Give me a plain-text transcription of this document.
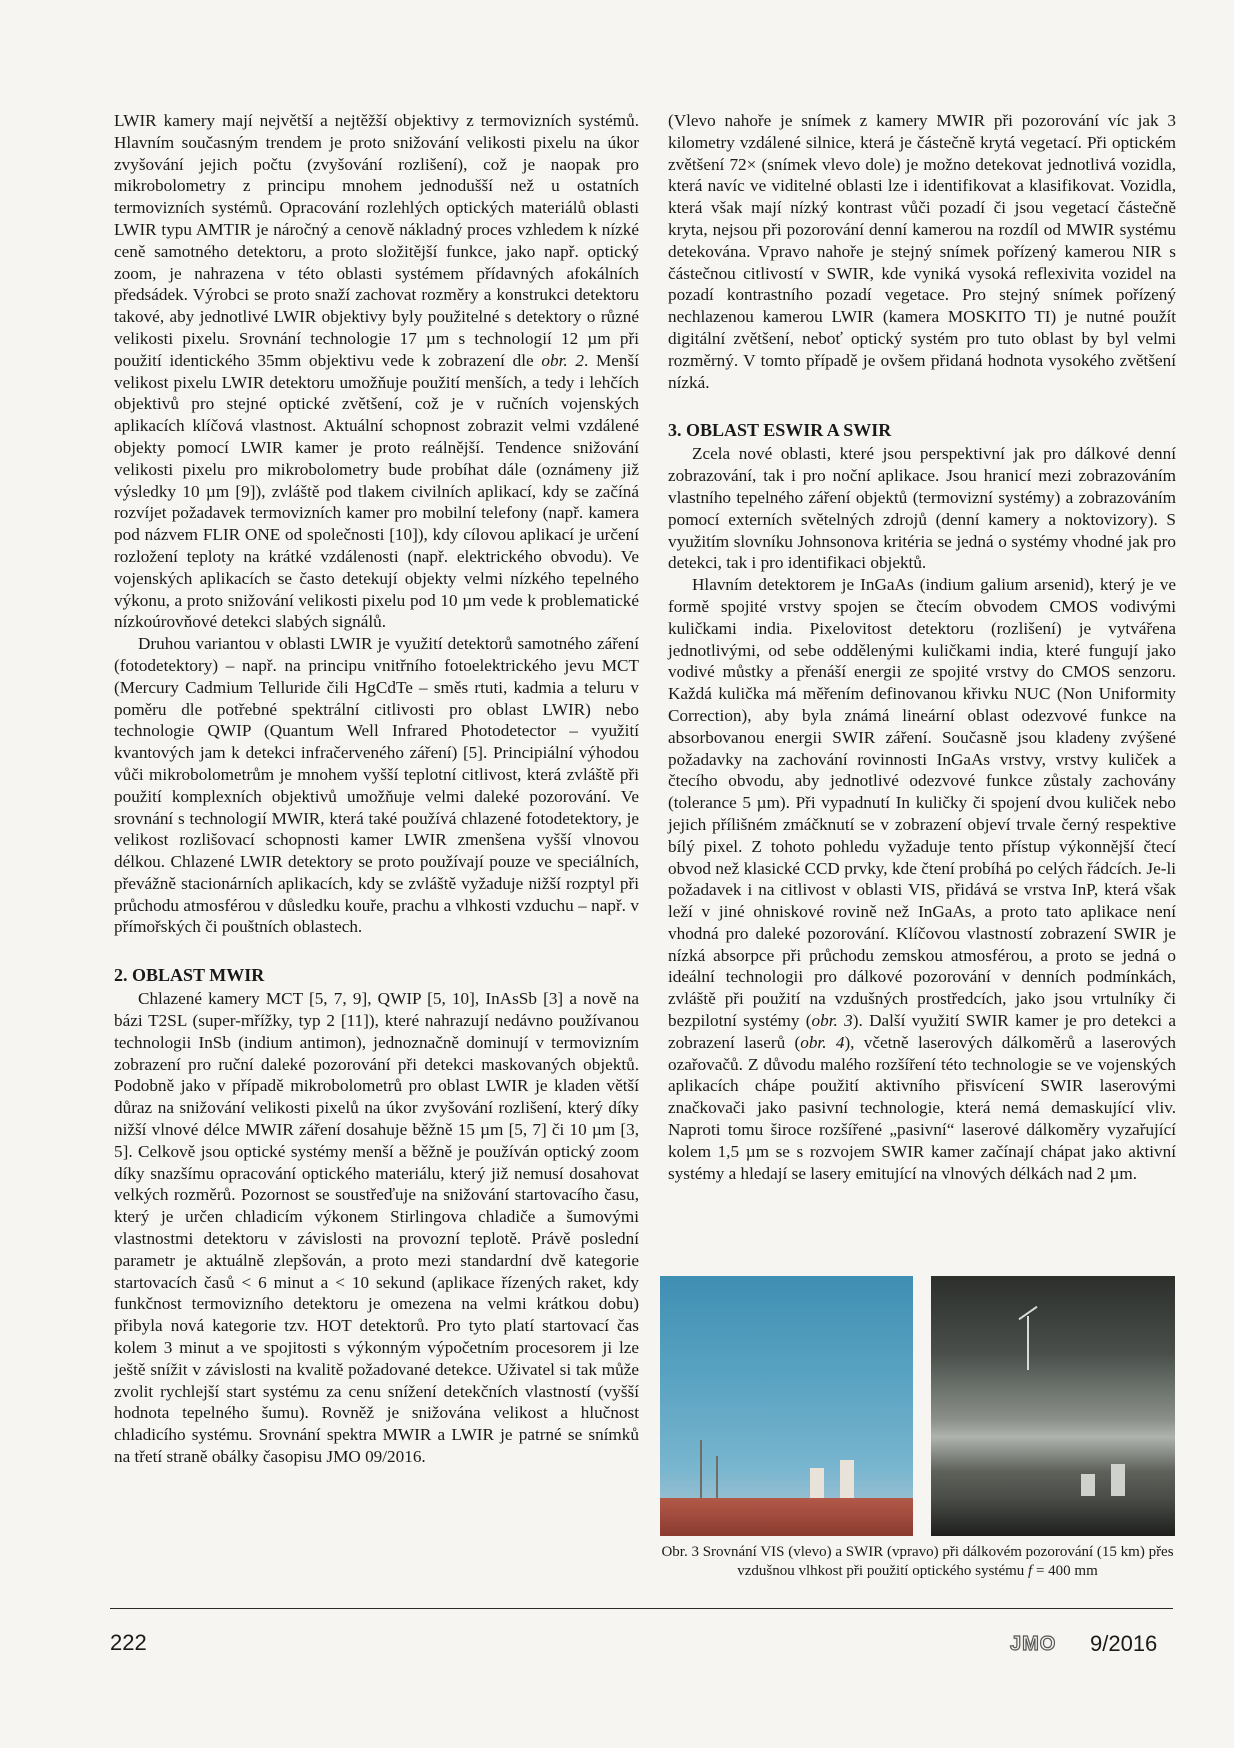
LWIR kamery mají největší a nejtěžší objektivy z termovizních systémů. Hlavním současným trendem je proto snižování velikosti pixelu na úkor zvyšování jejich počtu (zvyšování rozlišení), což je naopak pro mikrobolometry z principu mnohem jednodušší než u ostatních termovizních systémů. Opracování rozlehlých optických materiálů oblasti LWIR typu AMTIR je náročný a cenově nákladný proces vzhledem k nízké ceně samotného detektoru, a proto složitější funkce, jako např. optický zoom, je nahrazena v této oblasti systémem přídavných afokálních předsádek. Výrobci se proto snaží zachovat rozměry a konstrukci detektoru takové, aby jednotlivé LWIR objektivy byly použitelné s detektory o různé velikosti pixelu. Srovnání technologie 17 µm s technologií 12 µm při použití identického 35mm objektivu vede k zobrazení dle obr. 2. Menší velikost pixelu LWIR detektoru umožňuje použití menších, a tedy i lehčích objektivů pro stejné optické zvětšení, což je v ručních vojenských aplikacích klíčová vlastnost. Aktuální schopnost zobrazit velmi vzdálené objekty pomocí LWIR kamer je proto reálnější. Tendence snižování velikosti pixelu pro mikrobolometry bude probíhat dále (oznámeny již výsledky 10 µm [9]), zvláště pod tlakem civilních aplikací, kdy se začíná rozvíjet požadavek termovizních kamer pro mobilní telefony (např. kamera pod názvem FLIR ONE od společnosti [10]), kdy cílovou aplikací je určení rozložení teploty na krátké vzdálenosti (např. elektrického obvodu). Ve vojenských aplikacích se často detekují objekty velmi nízkého tepelného výkonu, a proto snižování velikosti pixelu pod 10 µm vede k problematické nízkoúrovňové detekci slabých signálů.

Druhou variantou v oblasti LWIR je využití detektorů samotného záření (fotodetektory) – např. na principu vnitřního fotoelektrického jevu MCT (Mercury Cadmium Telluride čili HgCdTe – směs rtuti, kadmia a teluru v poměru dle potřebné spektrální citlivosti pro oblast LWIR) nebo technologie QWIP (Quantum Well Infrared Photodetector – využití kvantových jam k detekci infračerveného záření) [5]. Principiální výhodou vůči mikrobolometrům je mnohem vyšší teplotní citlivost, která zvláště při použití komplexních objektivů umožňuje velmi daleké pozorování. Ve srovnání s technologií MWIR, která také používá chlazené fotodetektory, je velikost rozlišovací schopnosti kamer LWIR zmenšena vyšší vlnovou délkou. Chlazené LWIR detektory se proto používají pouze ve speciálních, převážně stacionárních aplikacích, kdy se zvláště vyžaduje nižší rozptyl při průchodu atmosférou v důsledku kouře, prachu a vlhkosti vzduchu – např. v přímořských či pouštních oblastech.

2. OBLAST MWIR

Chlazené kamery MCT [5, 7, 9], QWIP [5, 10], InAsSb [3] a nově na bázi T2SL (super-mřížky, typ 2 [11]), které nahrazují nedávno používanou technologii InSb (indium antimon), jednoznačně dominují v termovizním zobrazení pro ruční daleké pozorování při detekci maskovaných objektů. Podobně jako v případě mikrobolometrů pro oblast LWIR je kladen větší důraz na snižování velikosti pixelů na úkor zvyšování rozlišení, který díky nižší vlnové délce MWIR záření dosahuje běžně 15 µm [5, 7] či 10 µm [3, 5]. Celkově jsou optické systémy menší a běžně je používán optický zoom díky snazšímu opracování optického materiálu, který již nemusí dosahovat velkých rozměrů. Pozornost se soustřeďuje na snižování startovacího času, který je určen chladicím výkonem Stirlingova chladiče a šumovými vlastnostmi detektoru v závislosti na provozní teplotě. Právě poslední parametr je aktuálně zlepšován, a proto mezi standardní dvě kategorie startovacích časů < 6 minut a < 10 sekund (aplikace řízených raket, kdy funkčnost termovizního detektoru je omezena na velmi krátkou dobu) přibyla nová kategorie tzv. HOT detektorů. Pro tyto platí startovací čas kolem 3 minut a ve spojitosti s výkonným výpočetním procesorem ji lze ještě snížit v závislosti na kvalitě požadované detekce. Uživatel si tak může zvolit rychlejší start systému za cenu snížení detekčních vlastností (vyšší hodnota tepelného šumu). Rovněž je snižována velikost a hlučnost chladicího systému. Srovnání spektra MWIR a LWIR je patrné se snímků na třetí straně obálky časopisu JMO 09/2016.

(Vlevo nahoře je snímek z kamery MWIR při pozorování víc jak 3 kilometry vzdálené silnice, která je částečně krytá vegetací. Při optickém zvětšení 72× (snímek vlevo dole) je možno detekovat jednotlivá vozidla, která navíc ve viditelné oblasti lze i identifikovat a klasifikovat. Vozidla, která však mají nízký kontrast vůči pozadí či jsou vegetací částečně kryta, nejsou při pozorování denní kamerou na rozdíl od MWIR systému detekována. Vpravo nahoře je stejný snímek pořízený kamerou NIR s částečnou citlivostí v SWIR, kde vyniká vysoká reflexivita vozidel na pozadí kontrastního pozadí vegetace. Pro stejný snímek pořízený nechlazenou kamerou LWIR (kamera MOSKITO TI) je nutné použít digitální zvětšení, neboť optický systém pro tuto oblast by byl velmi rozměrný. V tomto případě je ovšem přidaná hodnota vysokého zvětšení nízká.

3. OBLAST ESWIR A SWIR

Zcela nové oblasti, které jsou perspektivní jak pro dálkové denní zobrazování, tak i pro noční aplikace. Jsou hranicí mezi zobrazováním vlastního tepelného záření objektů (termovizní systémy) a zobrazováním pomocí externích světelných zdrojů (denní kamery a noktovizory). S využitím slovníku Johnsonova kritéria se jedná o systémy vhodné jak pro detekci, tak i pro identifikaci objektů.

Hlavním detektorem je InGaAs (indium galium arsenid), který je ve formě spojité vrstvy spojen se čtecím obvodem CMOS vodivými kuličkami india. Pixelovitost detektoru (rozlišení) je vytvářena jednotlivými, od sebe oddělenými kuličkami india, které fungují jako vodivé můstky a přenáší energii ze spojité vrstvy do CMOS senzoru. Každá kulička má měřením definovanou křivku NUC (Non Uniformity Correction), aby byla známá lineární oblast odezvové funkce na absorbovanou energii SWIR záření. Současně jsou kladeny zvýšené požadavky na zachování rovinnosti InGaAs vrstvy, vrstvy kuliček a čtecího obvodu, aby jednotlivé odezvové funkce zůstaly zachovány (tolerance 5 µm). Při vypadnutí In kuličky či spojení dvou kuliček nebo jejich přílišném zmáčknutí se v zobrazení objeví trvale černý respektive bílý pixel. Z tohoto pohledu vyžaduje tento přístup výkonnější čtecí obvod než klasické CCD prvky, kde čtení probíhá po celých řádcích. Je-li požadavek i na citlivost v oblasti VIS, přidává se vrstva InP, která však leží v jiné ohniskové rovině než InGaAs, a proto tato aplikace není vhodná pro daleké pozorování. Klíčovou vlastností zobrazení SWIR je nízká absorpce při průchodu zemskou atmosférou, a proto se jedná o ideální technologii pro dálkové pozorování v denních podmínkách, zvláště při použití na vzdušných prostředcích, jako jsou vrtulníky či bezpilotní systémy (obr. 3). Další využití SWIR kamer je pro detekci a zobrazení laserů (obr. 4), včetně laserových dálkoměrů a laserových ozařovačů. Z důvodu malého rozšíření této technologie se ve vojenských aplikacích chápe použití aktivního přisvícení SWIR laserovými značkovači jako pasivní technologie, která nemá demaskující vliv. Naproti tomu široce rozšířené „pasivní“ laserové dálkoměry vyzařující kolem 1,5 µm se s rozvojem SWIR kamer začínají chápat jako aktivní systémy a hledají se lasery emitující na vlnových délkách nad 2 µm.

Obr. 3 Srovnání VIS (vlevo) a SWIR (vpravo) při dálkovém pozorování (15 km) přes vzdušnou vlhkost při použití optického systému f = 400 mm
222	JMO 9/2016
